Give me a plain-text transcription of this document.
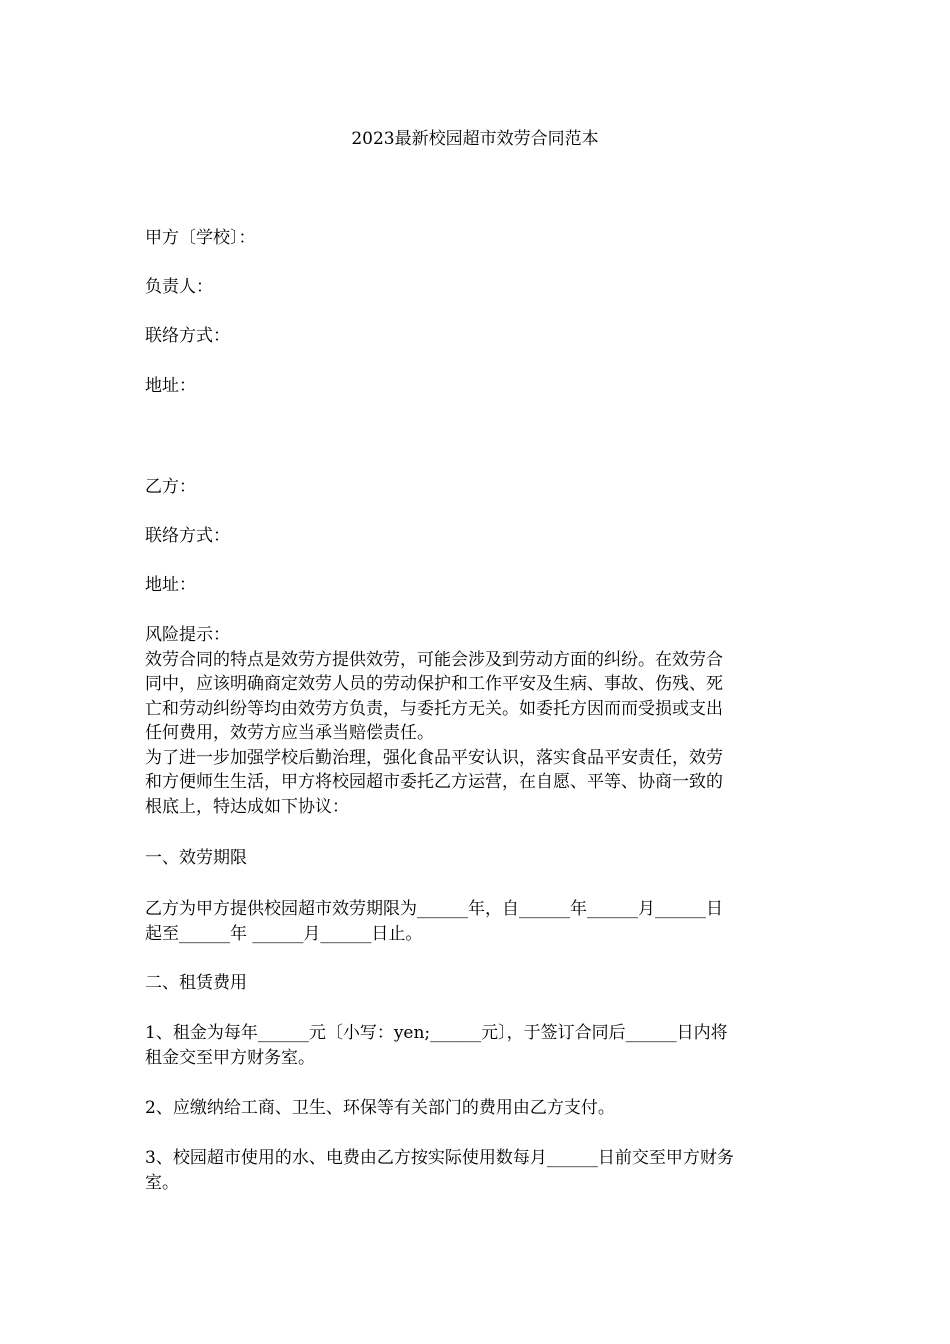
2023最新校园超市效劳合同范本
甲方〔学校〕：
负责人：
联络方式：
地址：
乙方：
联络方式：
地址：
风险提示：
效劳合同的特点是效劳方提供效劳，可能会涉及到劳动方面的纠纷。在效劳合
同中，应该明确商定效劳人员的劳动保护和工作平安及生病、事故、伤残、死
亡和劳动纠纷等均由效劳方负责，与委托方无关。如委托方因而而受损或支出
任何费用，效劳方应当承当赔偿责任。
为了进一步加强学校后勤治理，强化食品平安认识，落实食品平安责任，效劳
和方便师生生活，甲方将校园超市委托乙方运营，在自愿、平等、协商一致的
根底上，特达成如下协议：
一、效劳期限
乙方为甲方提供校园超市效劳期限为______年，自______年______月______日
起至______年 ______月______日止。
二、租赁费用
1、租金为每年______元〔小写：yen;______元〕，于签订合同后______日内将
租金交至甲方财务室。
2、应缴纳给工商、卫生、环保等有关部门的费用由乙方支付。
3、校园超市使用的水、电费由乙方按实际使用数每月______日前交至甲方财务
室。
